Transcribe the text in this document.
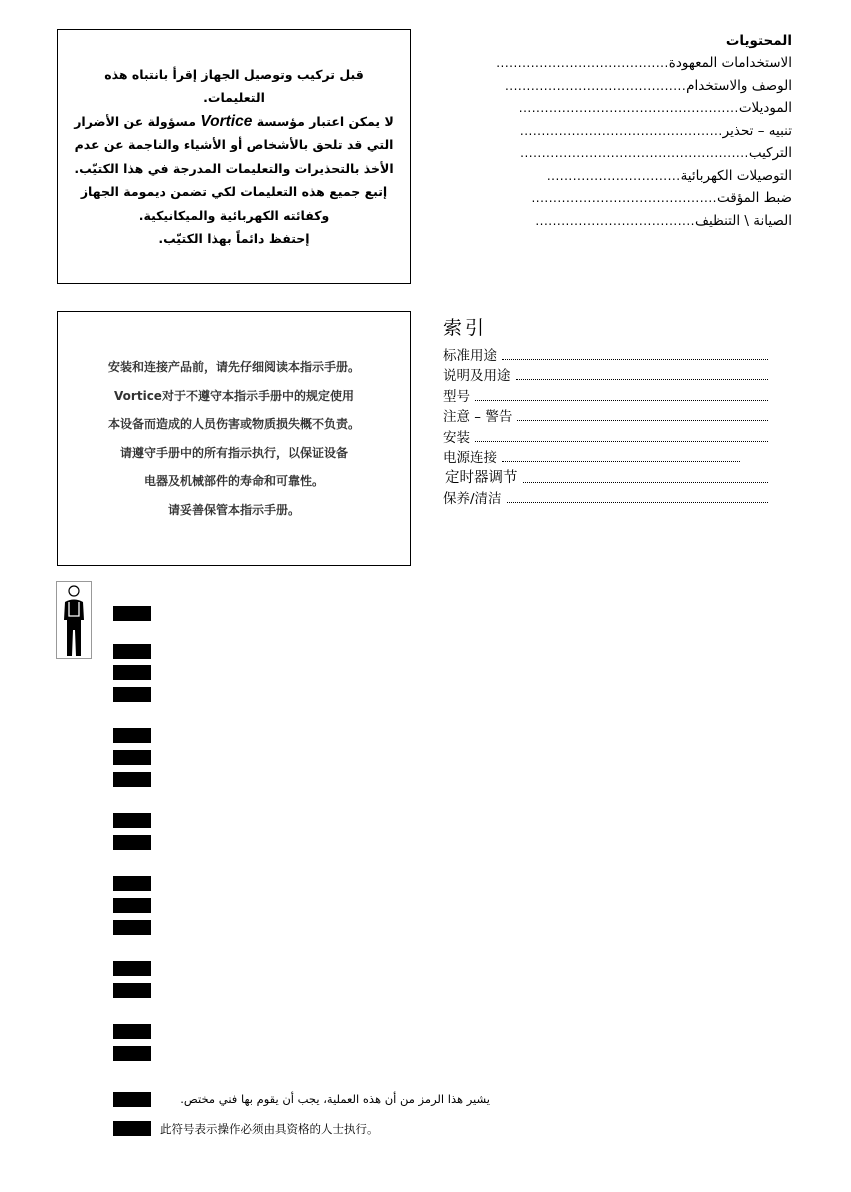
قبل تركيب وتوصيل الجهاز إقرأ بانتباه هذه
التعليمات.
لا يمكن اعتبار مؤسسة Vortice مسؤولة عن الأضرار
التي قد تلحق بالأشخاص أو الأشياء والناجمة عن عدم
الأخذ بالتحذيرات والتعليمات المدرجة في هذا الكتيّب.
إتبع جميع هذه التعليمات لكي تضمن ديمومة الجهاز
وكفائته الكهربائية والميكانيكية.
إحتفظ دائماً بهذا الكتيّب.
المحتويات
الاستخدامات المعهودة
........................................
الوصف والاستخدام
..........................................
الموديلات
...................................................
تنبيه – تحذير
...............................................
التركيب
.....................................................
التوصيلات الكهربائية
...............................
ضبط المؤقت
...........................................
الصيانة \ التنظيف
.....................................
安装和连接产品前，请先仔细阅读本指示手册。
Vortice对于不遵守本指示手册中的规定使用
本设备而造成的人员伤害或物质损失概不负责。
请遵守手册中的所有指示执行，以保证设备
电器及机械部件的寿命和可靠性。
请妥善保管本指示手册。
索引
标准用途
说明及用途
型号
注意 – 警告
安装
电源连接
定时器调节
保养/清洁
يشير هذا الرمز من أن هذه العملية، يجب أن يقوم بها فني مختص.
此符号表示操作必须由具资格的人士执行。
